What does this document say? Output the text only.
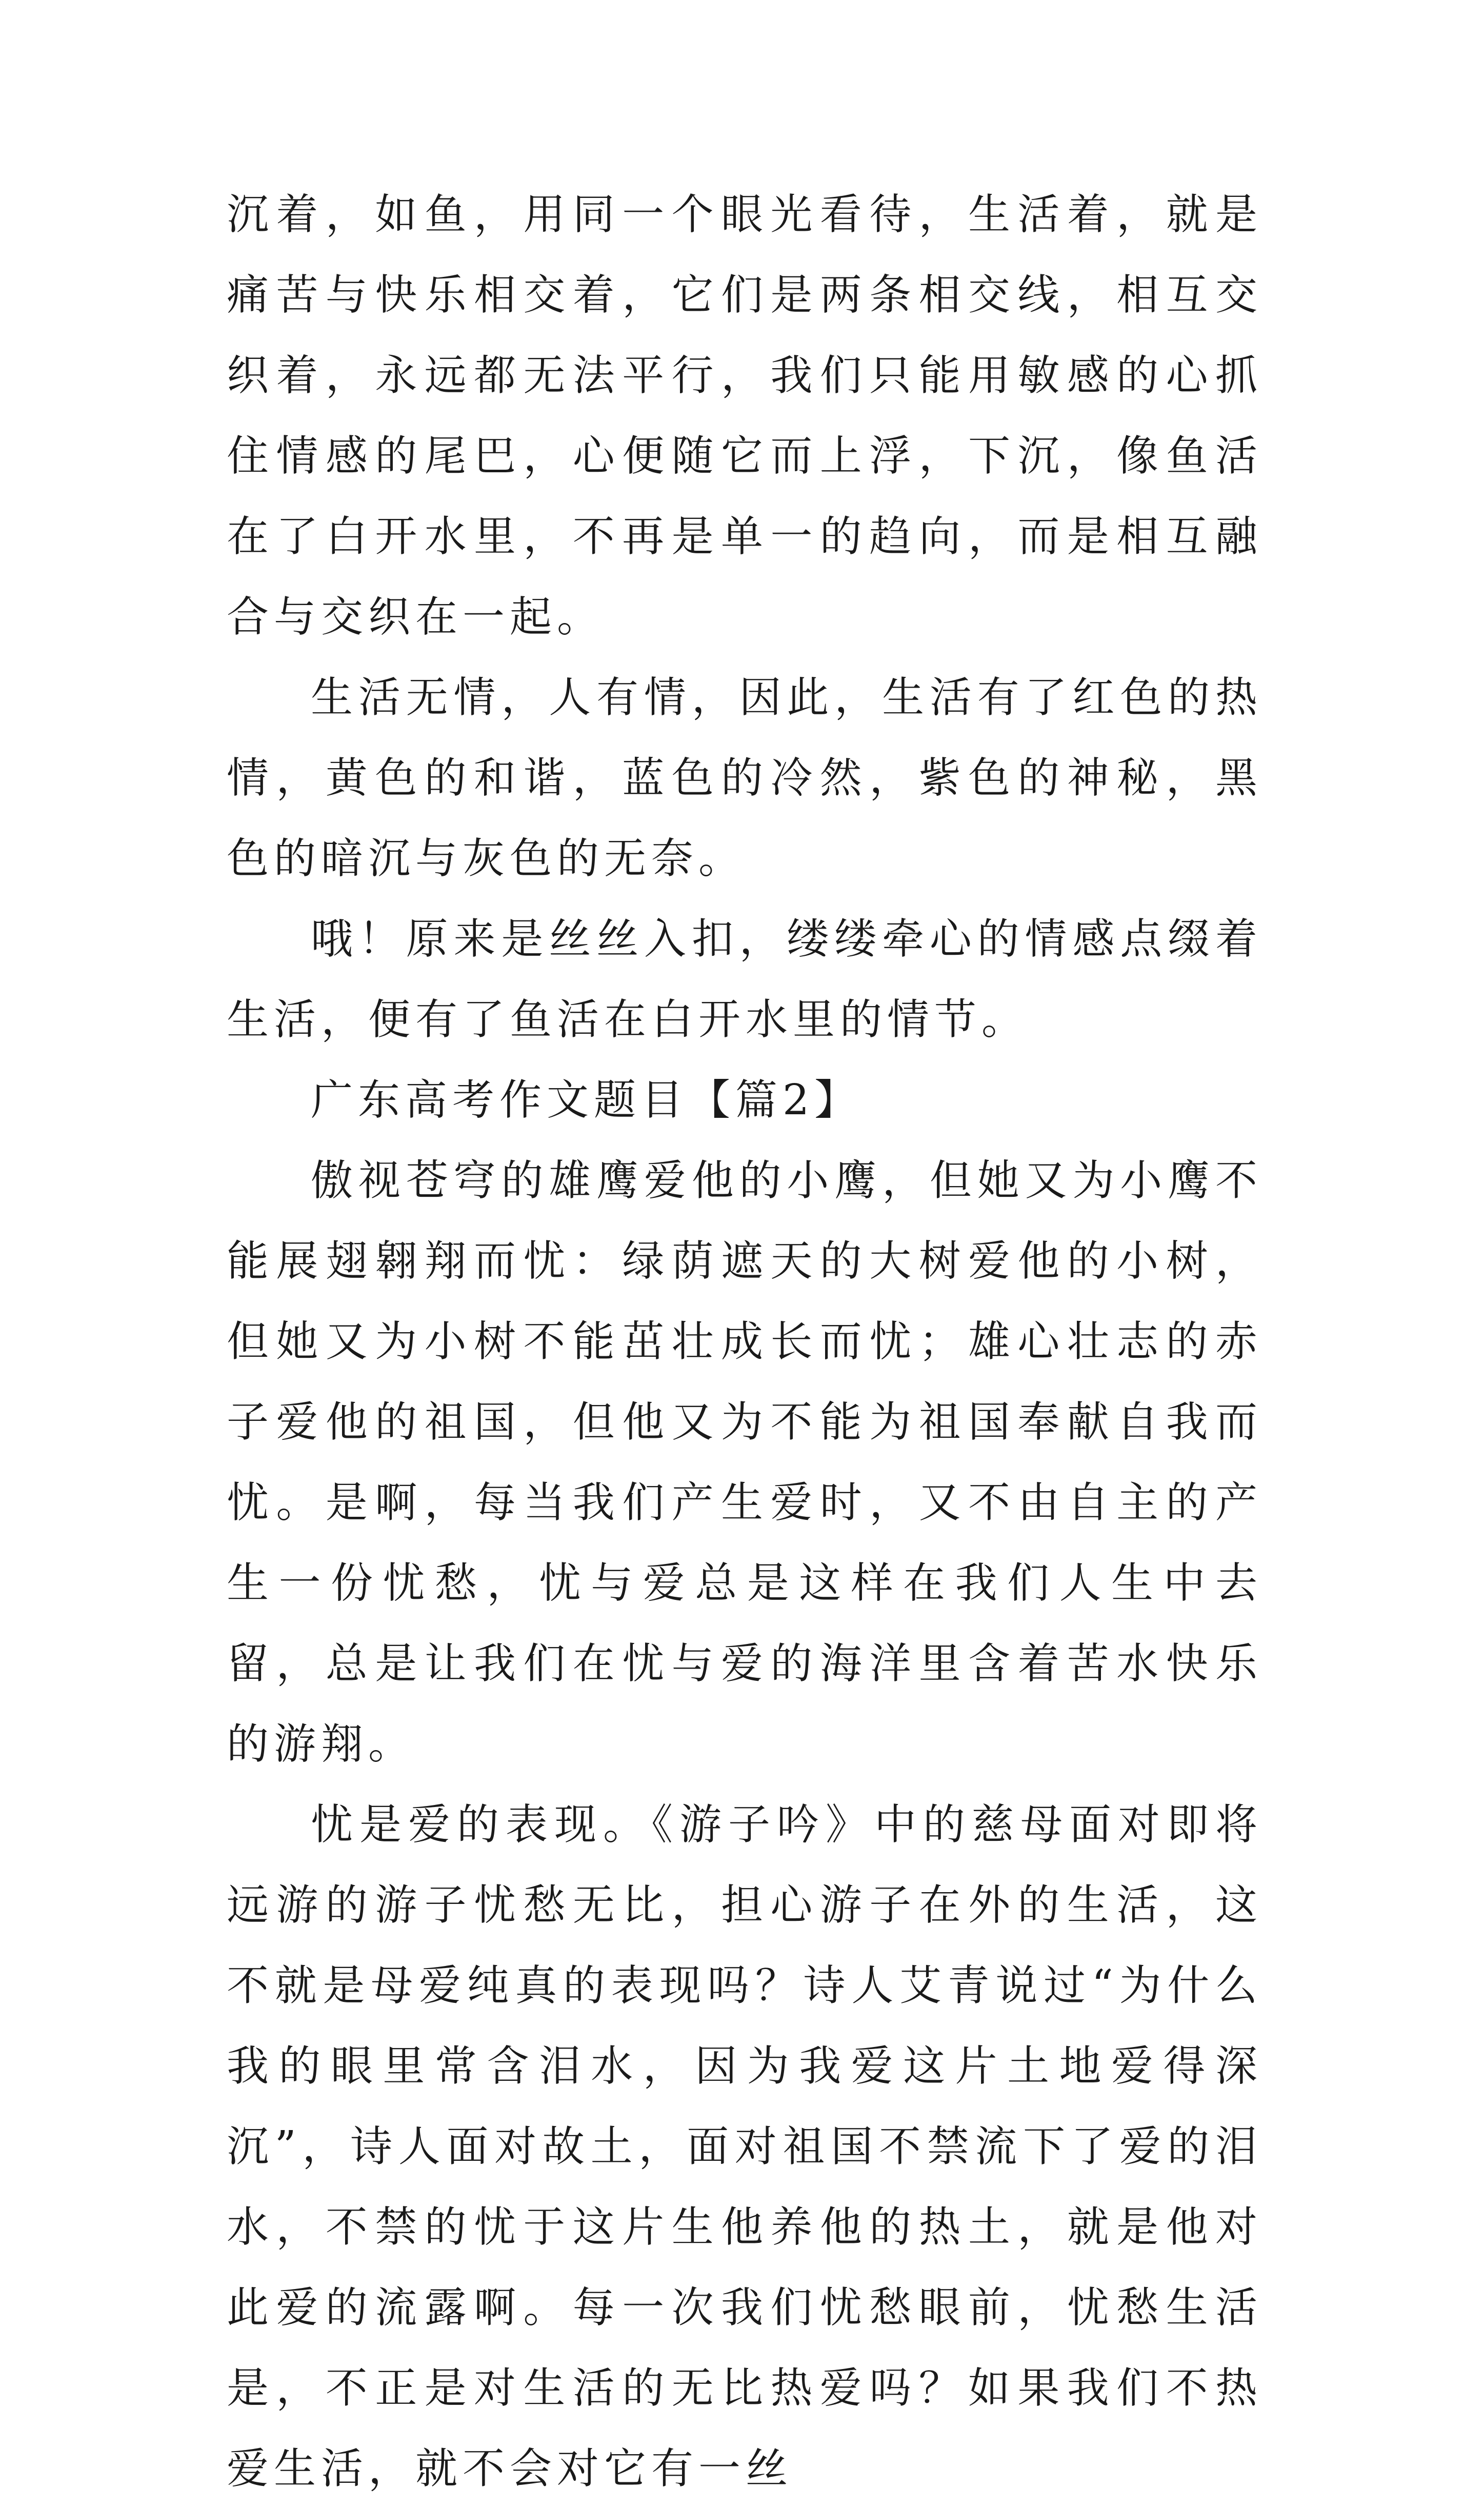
沉着，如鱼，用同一个眼光看待，生活着，就是痛苦与快乐相交着，它们是两条相交线，相互交织着，永远都无法平行，我们只能用敏感的心抓住情感的尾巴，心便随它而上浮，下沉，像鱼活在了白开水里，不再是单一的趋向，而是相互融合与交织在一起。

生活无情，人有情，因此，生活有了红色的热情，黄色的和谐，蓝色的冷然，紫色的神秘，黑色的暗沉与灰色的无奈。

哦！原来是丝丝入扣，缕缕牵心的情感点缀着生活，便有了鱼活在白开水里的情节。

广东高考作文题目【篇2】

傲视苍穹的雄鹰爱他的小鹰，但她又为小鹰不能展翅翱翔而忧：绿荫遮天的大树爱他的小树，但她又为小树不能茁壮成长而忧；雄心壮志的赤子爱他的祖国，但他又为不能为祖国奉献自我而忧。是啊，每当我们产生爱时，又不由自主的产生一份忧愁，忧与爱总是这样在我们人生中去留，总是让我们在忧与爱的海洋里含着苦水快乐的游翔。

忧是爱的表现。《游子吟》中的慈母面对即将远游的游子忧愁无比，担心游子在外的生活，这不就是母爱纯真的表现吗？诗人艾青说过“为什么我的眼里常含泪水，因为我爱这片土地爱得深沉”，诗人面对故土，面对祖国不禁流下了爱的泪水，不禁的忧于这片生他养他的热土，就是他对此爱的流露啊。每一次我们忧愁眼前，忧愁生活是，不正是对生活的无比热爱吗？如果我们不热爱生活，就不会对它有一丝
